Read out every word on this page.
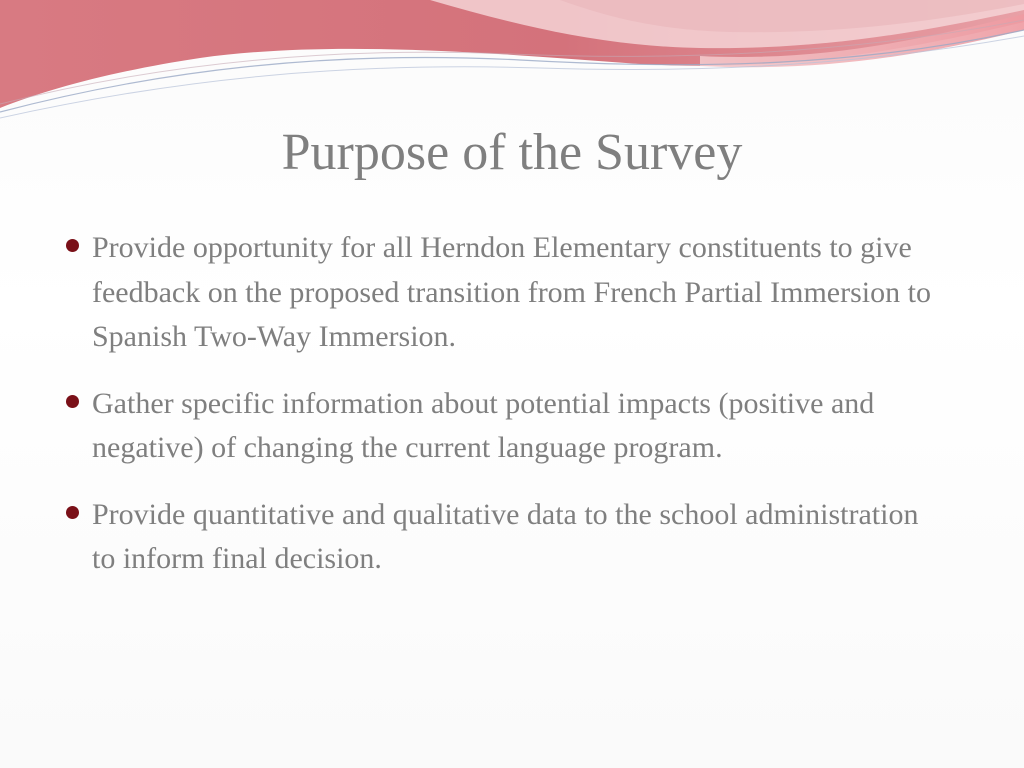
Purpose of the Survey
Provide opportunity for all Herndon Elementary constituents to give feedback on the proposed transition from French Partial Immersion to Spanish Two-Way Immersion.
Gather specific information about potential impacts (positive and negative) of changing the current language program.
Provide quantitative and qualitative data to the school administration to inform final decision.
